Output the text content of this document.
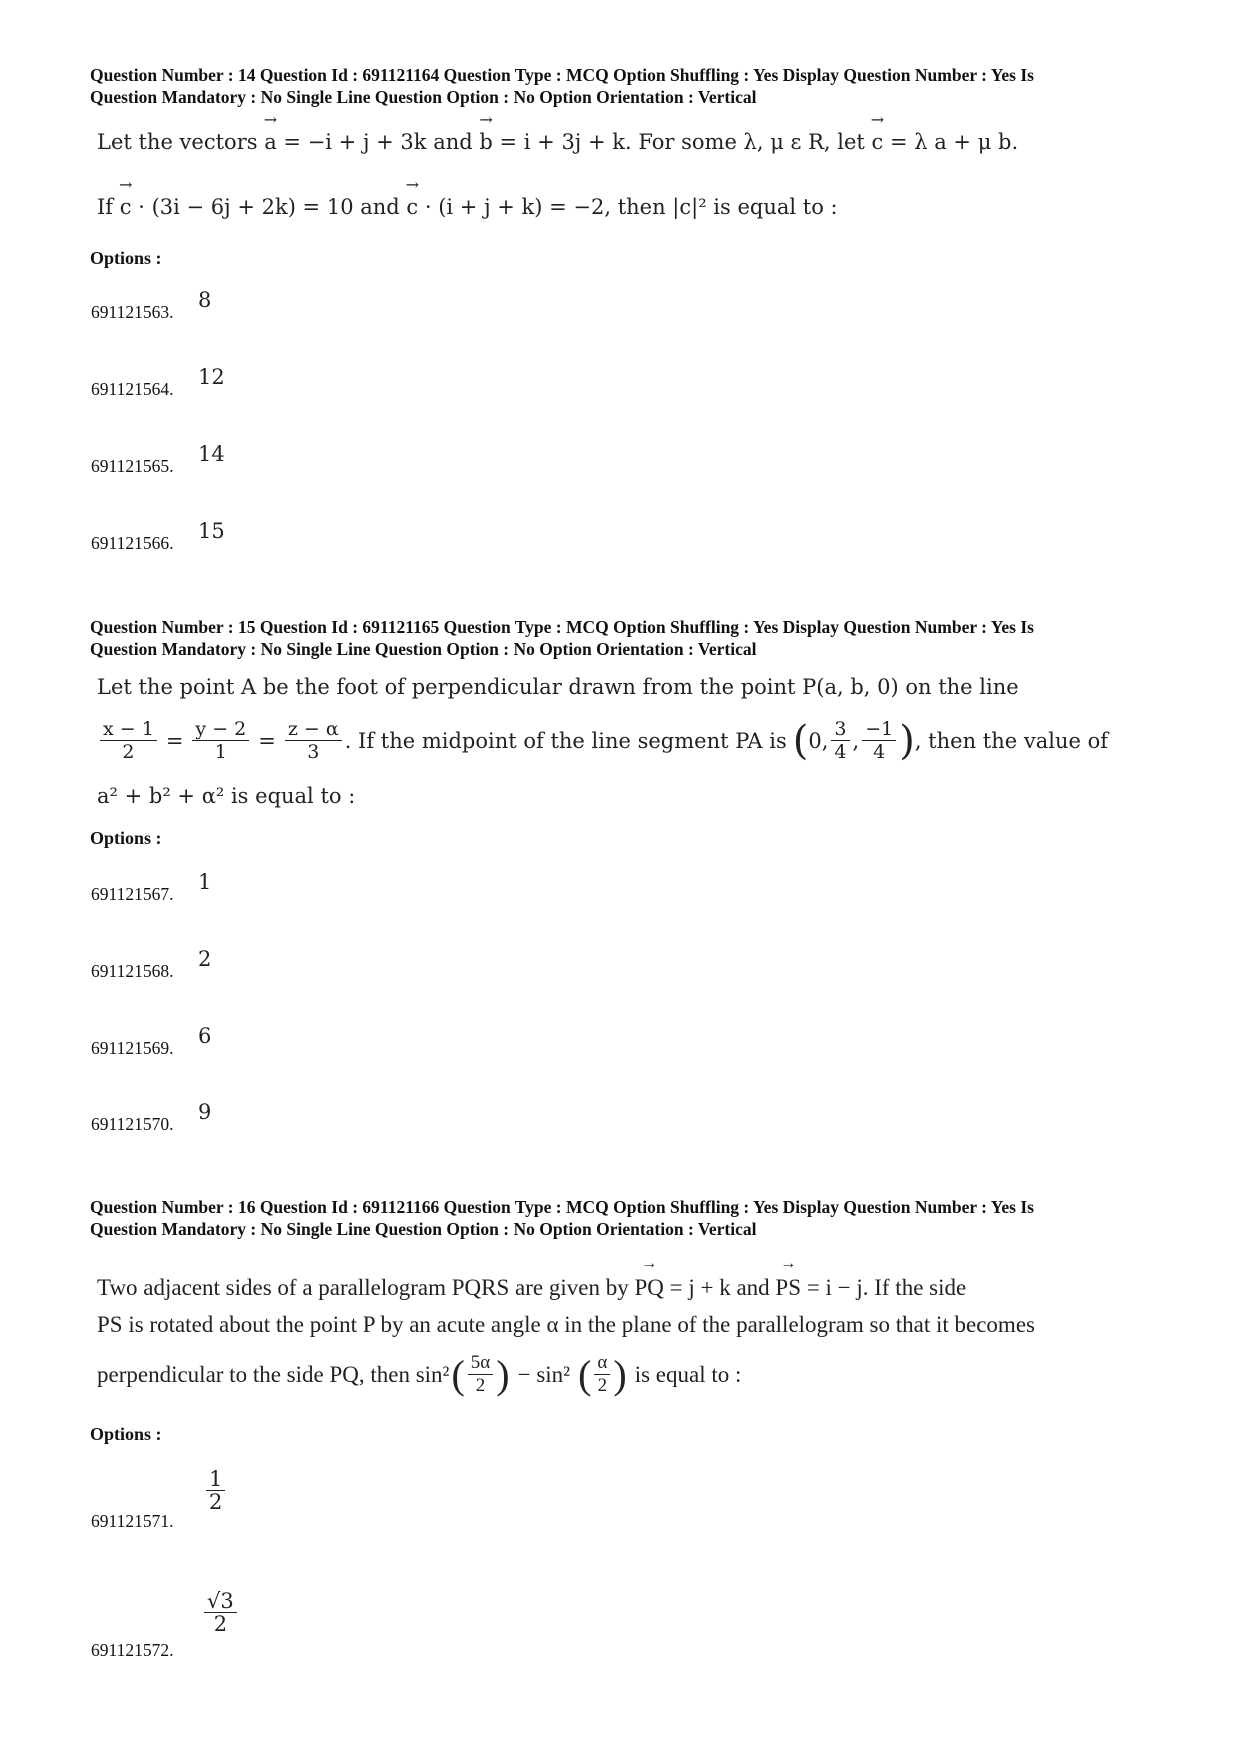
Question Number : 14 Question Id : 691121164 Question Type : MCQ Option Shuffling : Yes Display Question Number : Yes Is
Question Mandatory : No Single Line Question Option : No Option Orientation : Vertical
Let the vectors → a = −i + j + 3k and → b = i + 3j + k. For some λ, μ ε R, let → c = λ a + μ b.
If → c · (3i − 6j + 2k) = 10 and → c · (i + j + k) = −2, then |c|² is equal to :
Options :
691121563. 8
691121564. 12
691121565. 14
691121566. 15
Question Number : 15 Question Id : 691121165 Question Type : MCQ Option Shuffling : Yes Display Question Number : Yes Is
Question Mandatory : No Single Line Question Option : No Option Orientation : Vertical
Let the point A be the foot of perpendicular drawn from the point P(a, b, 0) on the line
$\frac{x - 1}{2} = \frac{y - 2}{1} = \frac{z - \alpha}{3}$ . If the midpoint of the line segment PA is ( 0, $\frac{3}{4}$ , $\frac{-1}{4}$ ) , then the value of
a² + b² + α² is equal to :
Options :
691121567. 1
691121568. 2
691121569. 6
691121570. 9
Question Number : 16 Question Id : 691121166 Question Type : MCQ Option Shuffling : Yes Display Question Number : Yes Is
Question Mandatory : No Single Line Question Option : No Option Orientation : Vertical
Two adjacent sides of a parallelogram PQRS are given by → PQ = j + k and → PS = i − j. If the side
PS is rotated about the point P by an acute angle α in the plane of the parallelogram so that it becomes
perpendicular to the side PQ, then sin² ( $\frac{5\alpha}{2}$ ) − sin² ( $\frac{\alpha}{2}$ ) is equal to :
Options :
691121571.
$\frac{1}{2}$
691121572.
$\frac{√3}{2}$
